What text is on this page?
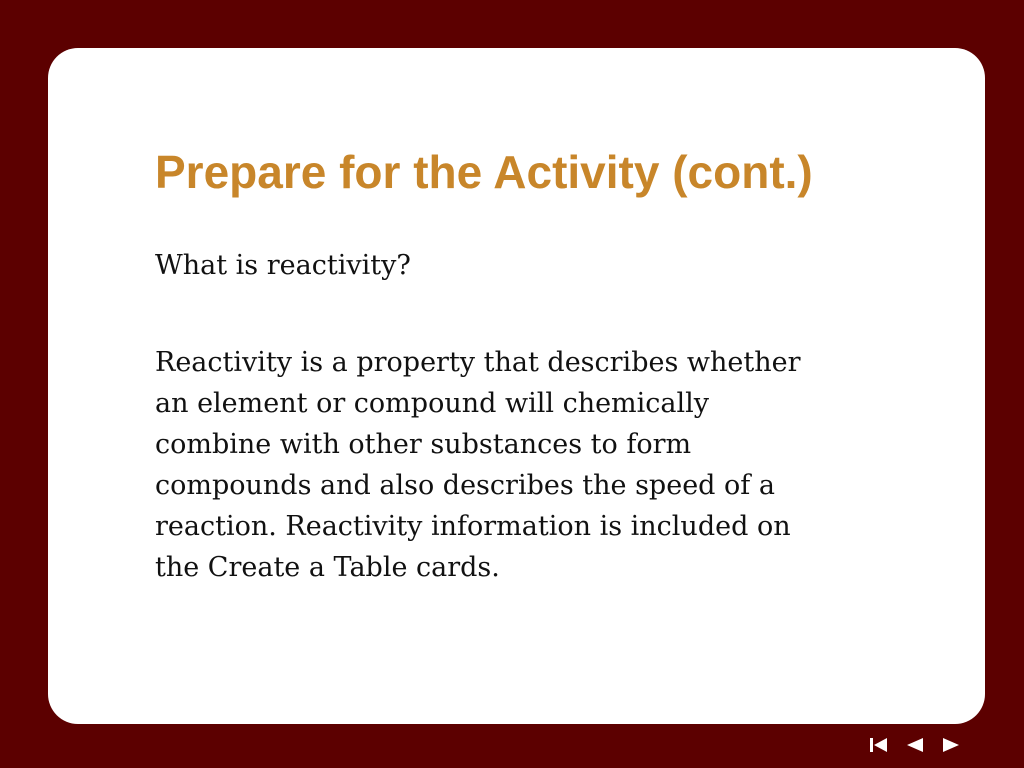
Prepare for the Activity (cont.)

What is reactivity?

Reactivity is a property that describes whether
an element or compound will chemically
combine with other substances to form
compounds and also describes the speed of a
reaction. Reactivity information is included on
the Create a Table cards.
